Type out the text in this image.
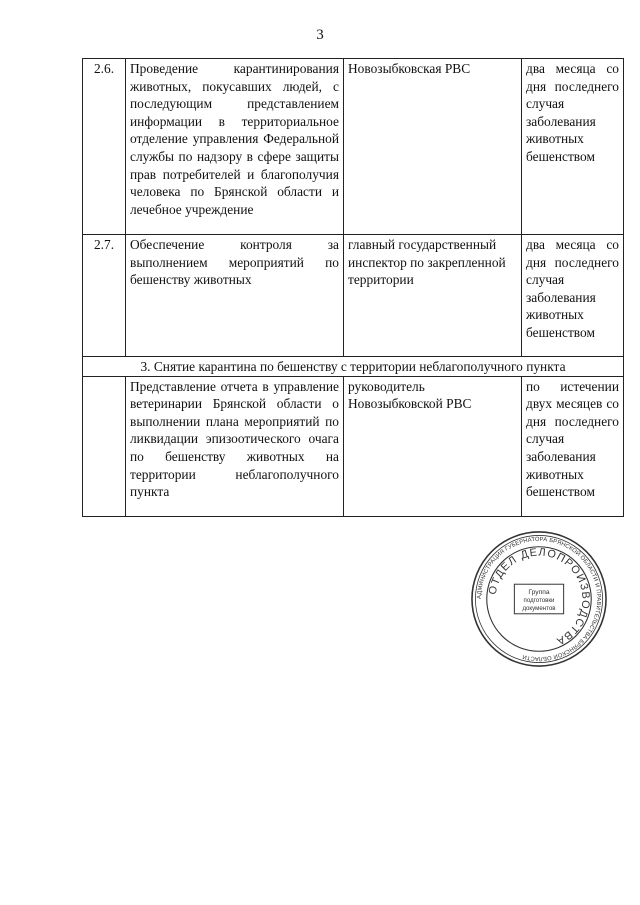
3
2.6.	Проведение карантинирования животных, покусавших людей, с последующим представлением информации в территориальное отделение управления Федеральной службы по надзору в сфере защиты прав потребителей и благополучия человека по Брянской области и лечебное учреждение	Новозыбковская РВС	два месяца со дня последнего случая заболевания животных бешенством
2.7.	Обеспечение контроля за выполнением мероприятий по бешенству животных	главный государственный инспектор по закрепленной территории	два месяца со дня последнего случая заболевания животных бешенством
3. Снятие карантина по бешенству с территории неблагополучного пункта			
	Представление отчета в управление ветеринарии Брянской области о выполнении плана мероприятий по ликвидации эпизоотического очага по бешенству животных на территории неблагополучного пункта	руководитель Новозыбковской РВС	по истечении двух месяцев со дня последнего случая заболевания животных бешенством
АДМИНИСТРАЦИЯ ГУБЕРНАТОРА БРЯНСКОЙ ОБЛАСТИ И ПРАВИТЕЛЬСТВА БРЯНСКОЙ ОБЛАСТИ
ОТДЕЛ ДЕЛОПРОИЗВОДСТВА
Группа
подготовки
документов
